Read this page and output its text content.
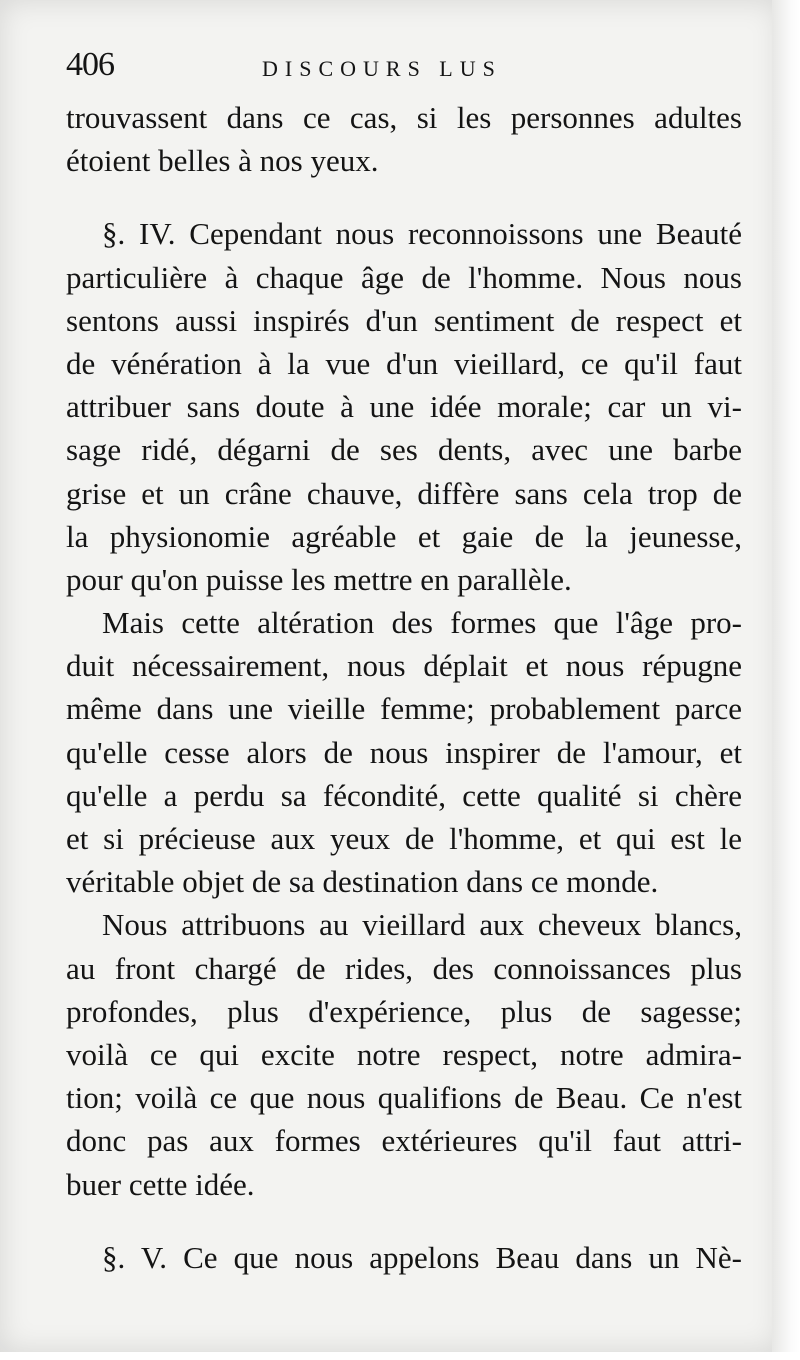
406	DISCOURS LUS
trouvassent dans ce cas, si les personnes adultes
étoient belles à nos yeux.
§. IV. Cependant nous reconnoissons une Beauté
particulière à chaque âge de l'homme. Nous nous
sentons aussi inspirés d'un sentiment de respect et
de vénération à la vue d'un vieillard, ce qu'il faut
attribuer sans doute à une idée morale; car un vi-
sage ridé, dégarni de ses dents, avec une barbe
grise et un crâne chauve, diffère sans cela trop de
la physionomie agréable et gaie de la jeunesse,
pour qu'on puisse les mettre en parallèle.
Mais cette altération des formes que l'âge pro-
duit nécessairement, nous déplait et nous répugne
même dans une vieille femme; probablement parce
qu'elle cesse alors de nous inspirer de l'amour, et
qu'elle a perdu sa fécondité, cette qualité si chère
et si précieuse aux yeux de l'homme, et qui est le
véritable objet de sa destination dans ce monde.
Nous attribuons au vieillard aux cheveux blancs,
au front chargé de rides, des connoissances plus
profondes, plus d'expérience, plus de sagesse;
voilà ce qui excite notre respect, notre admira-
tion; voilà ce que nous qualifions de Beau. Ce n'est
donc pas aux formes extérieures qu'il faut attri-
buer cette idée.
§. V. Ce que nous appelons Beau dans un Nè-
